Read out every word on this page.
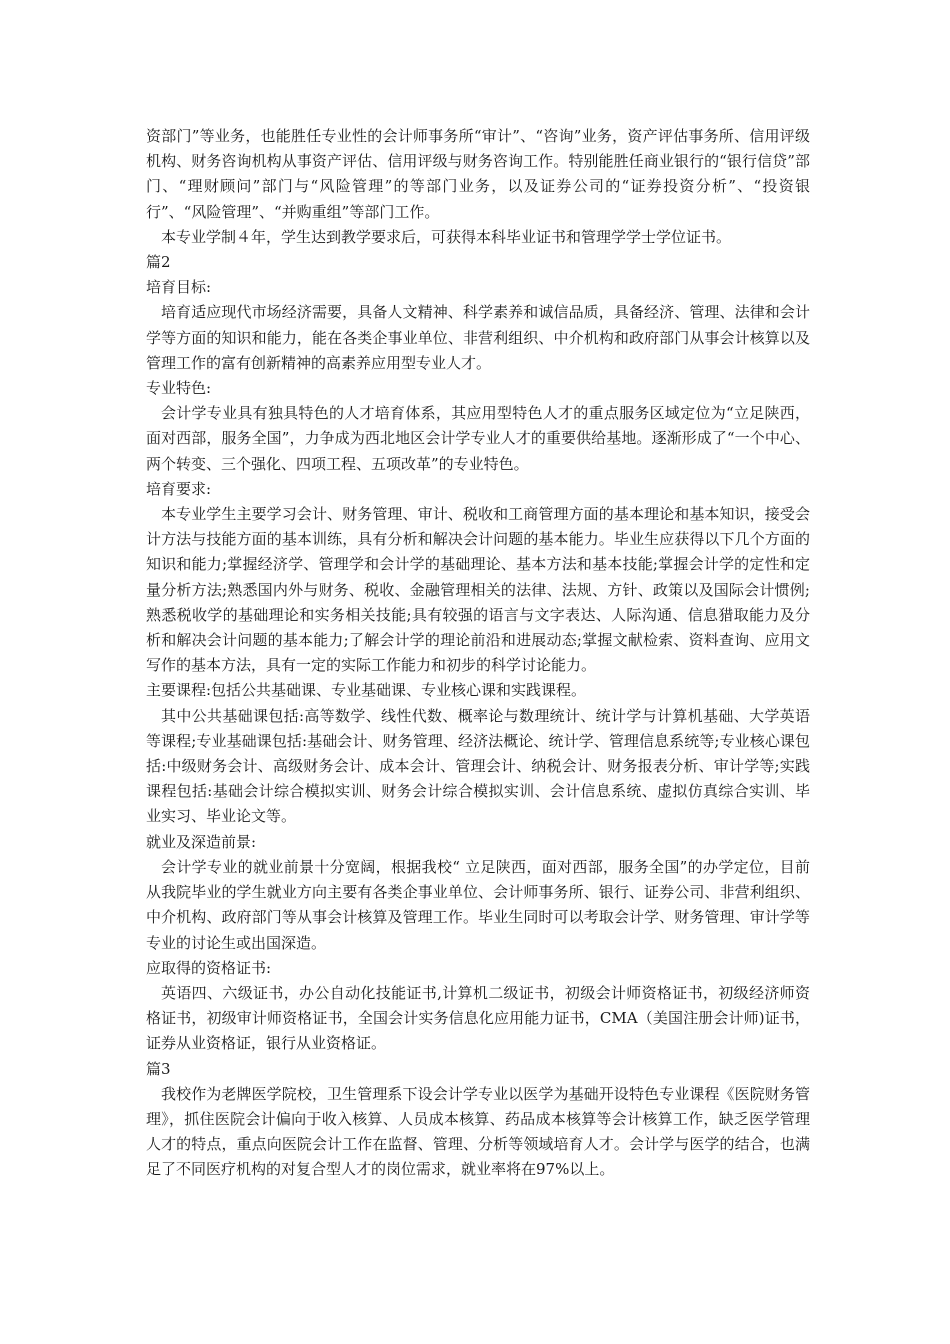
资部门”等业务，也能胜任专业性的会计师事务所“审计”、“咨询”业务，资产评估事务所、信用评级机构、财务咨询机构从事资产评估、信用评级与财务咨询工作。特别能胜任商业银行的“银行信贷”部门、“理财顾问”部门与“风险管理”的等部门业务，以及证券公司的“证券投资分析”、“投资银行”、“风险管理”、“并购重组”等部门工作。

本专业学制４年，学生达到教学要求后，可获得本科毕业证书和管理学学士学位证书。

篇2

培育目标:

培育适应现代市场经济需要，具备人文精神、科学素养和诚信品质，具备经济、管理、法律和会计学等方面的知识和能力，能在各类企事业单位、非营利组织、中介机构和政府部门从事会计核算以及管理工作的富有创新精神的高素养应用型专业人才。

专业特色:

会计学专业具有独具特色的人才培育体系，其应用型特色人才的重点服务区域定位为“立足陕西，面对西部，服务全国”，力争成为西北地区会计学专业人才的重要供给基地。逐渐形成了“一个中心、两个转变、三个强化、四项工程、五项改革”的专业特色。

培育要求:

本专业学生主要学习会计、财务管理、审计、税收和工商管理方面的基本理论和基本知识，接受会计方法与技能方面的基本训练，具有分析和解决会计问题的基本能力。毕业生应获得以下几个方面的知识和能力;掌握经济学、管理学和会计学的基础理论、基本方法和基本技能;掌握会计学的定性和定量分析方法;熟悉国内外与财务、税收、金融管理相关的法律、法规、方针、政策以及国际会计惯例;熟悉税收学的基础理论和实务相关技能;具有较强的语言与文字表达、人际沟通、信息猎取能力及分析和解决会计问题的基本能力;了解会计学的理论前沿和进展动态;掌握文献检索、资料查询、应用文写作的基本方法，具有一定的实际工作能力和初步的科学讨论能力。

主要课程:包括公共基础课、专业基础课、专业核心课和实践课程。

其中公共基础课包括:高等数学、线性代数、概率论与数理统计、统计学与计算机基础、大学英语等课程;专业基础课包括:基础会计、财务管理、经济法概论、统计学、管理信息系统等;专业核心课包括:中级财务会计、高级财务会计、成本会计、管理会计、纳税会计、财务报表分析、审计学等;实践课程包括:基础会计综合模拟实训、财务会计综合模拟实训、会计信息系统、虚拟仿真综合实训、毕业实习、毕业论文等。

就业及深造前景:

会计学专业的就业前景十分宽阔，根据我校“ 立足陕西，面对西部，服务全国”的办学定位，目前从我院毕业的学生就业方向主要有各类企事业单位、会计师事务所、银行、证券公司、非营利组织、中介机构、政府部门等从事会计核算及管理工作。毕业生同时可以考取会计学、财务管理、审计学等专业的讨论生或出国深造。

应取得的资格证书:

英语四、六级证书，办公自动化技能证书,计算机二级证书，初级会计师资格证书，初级经济师资格证书，初级审计师资格证书，全国会计实务信息化应用能力证书，CMA（美国注册会计师)证书，证券从业资格证，银行从业资格证。

篇3

我校作为老牌医学院校，卫生管理系下设会计学专业以医学为基础开设特色专业课程《医院财务管理》，抓住医院会计偏向于收入核算、人员成本核算、药品成本核算等会计核算工作，缺乏医学管理人才的特点，重点向医院会计工作在监督、管理、分析等领域培育人才。会计学与医学的结合，也满足了不同医疗机构的对复合型人才的岗位需求，就业率将在97%以上。
